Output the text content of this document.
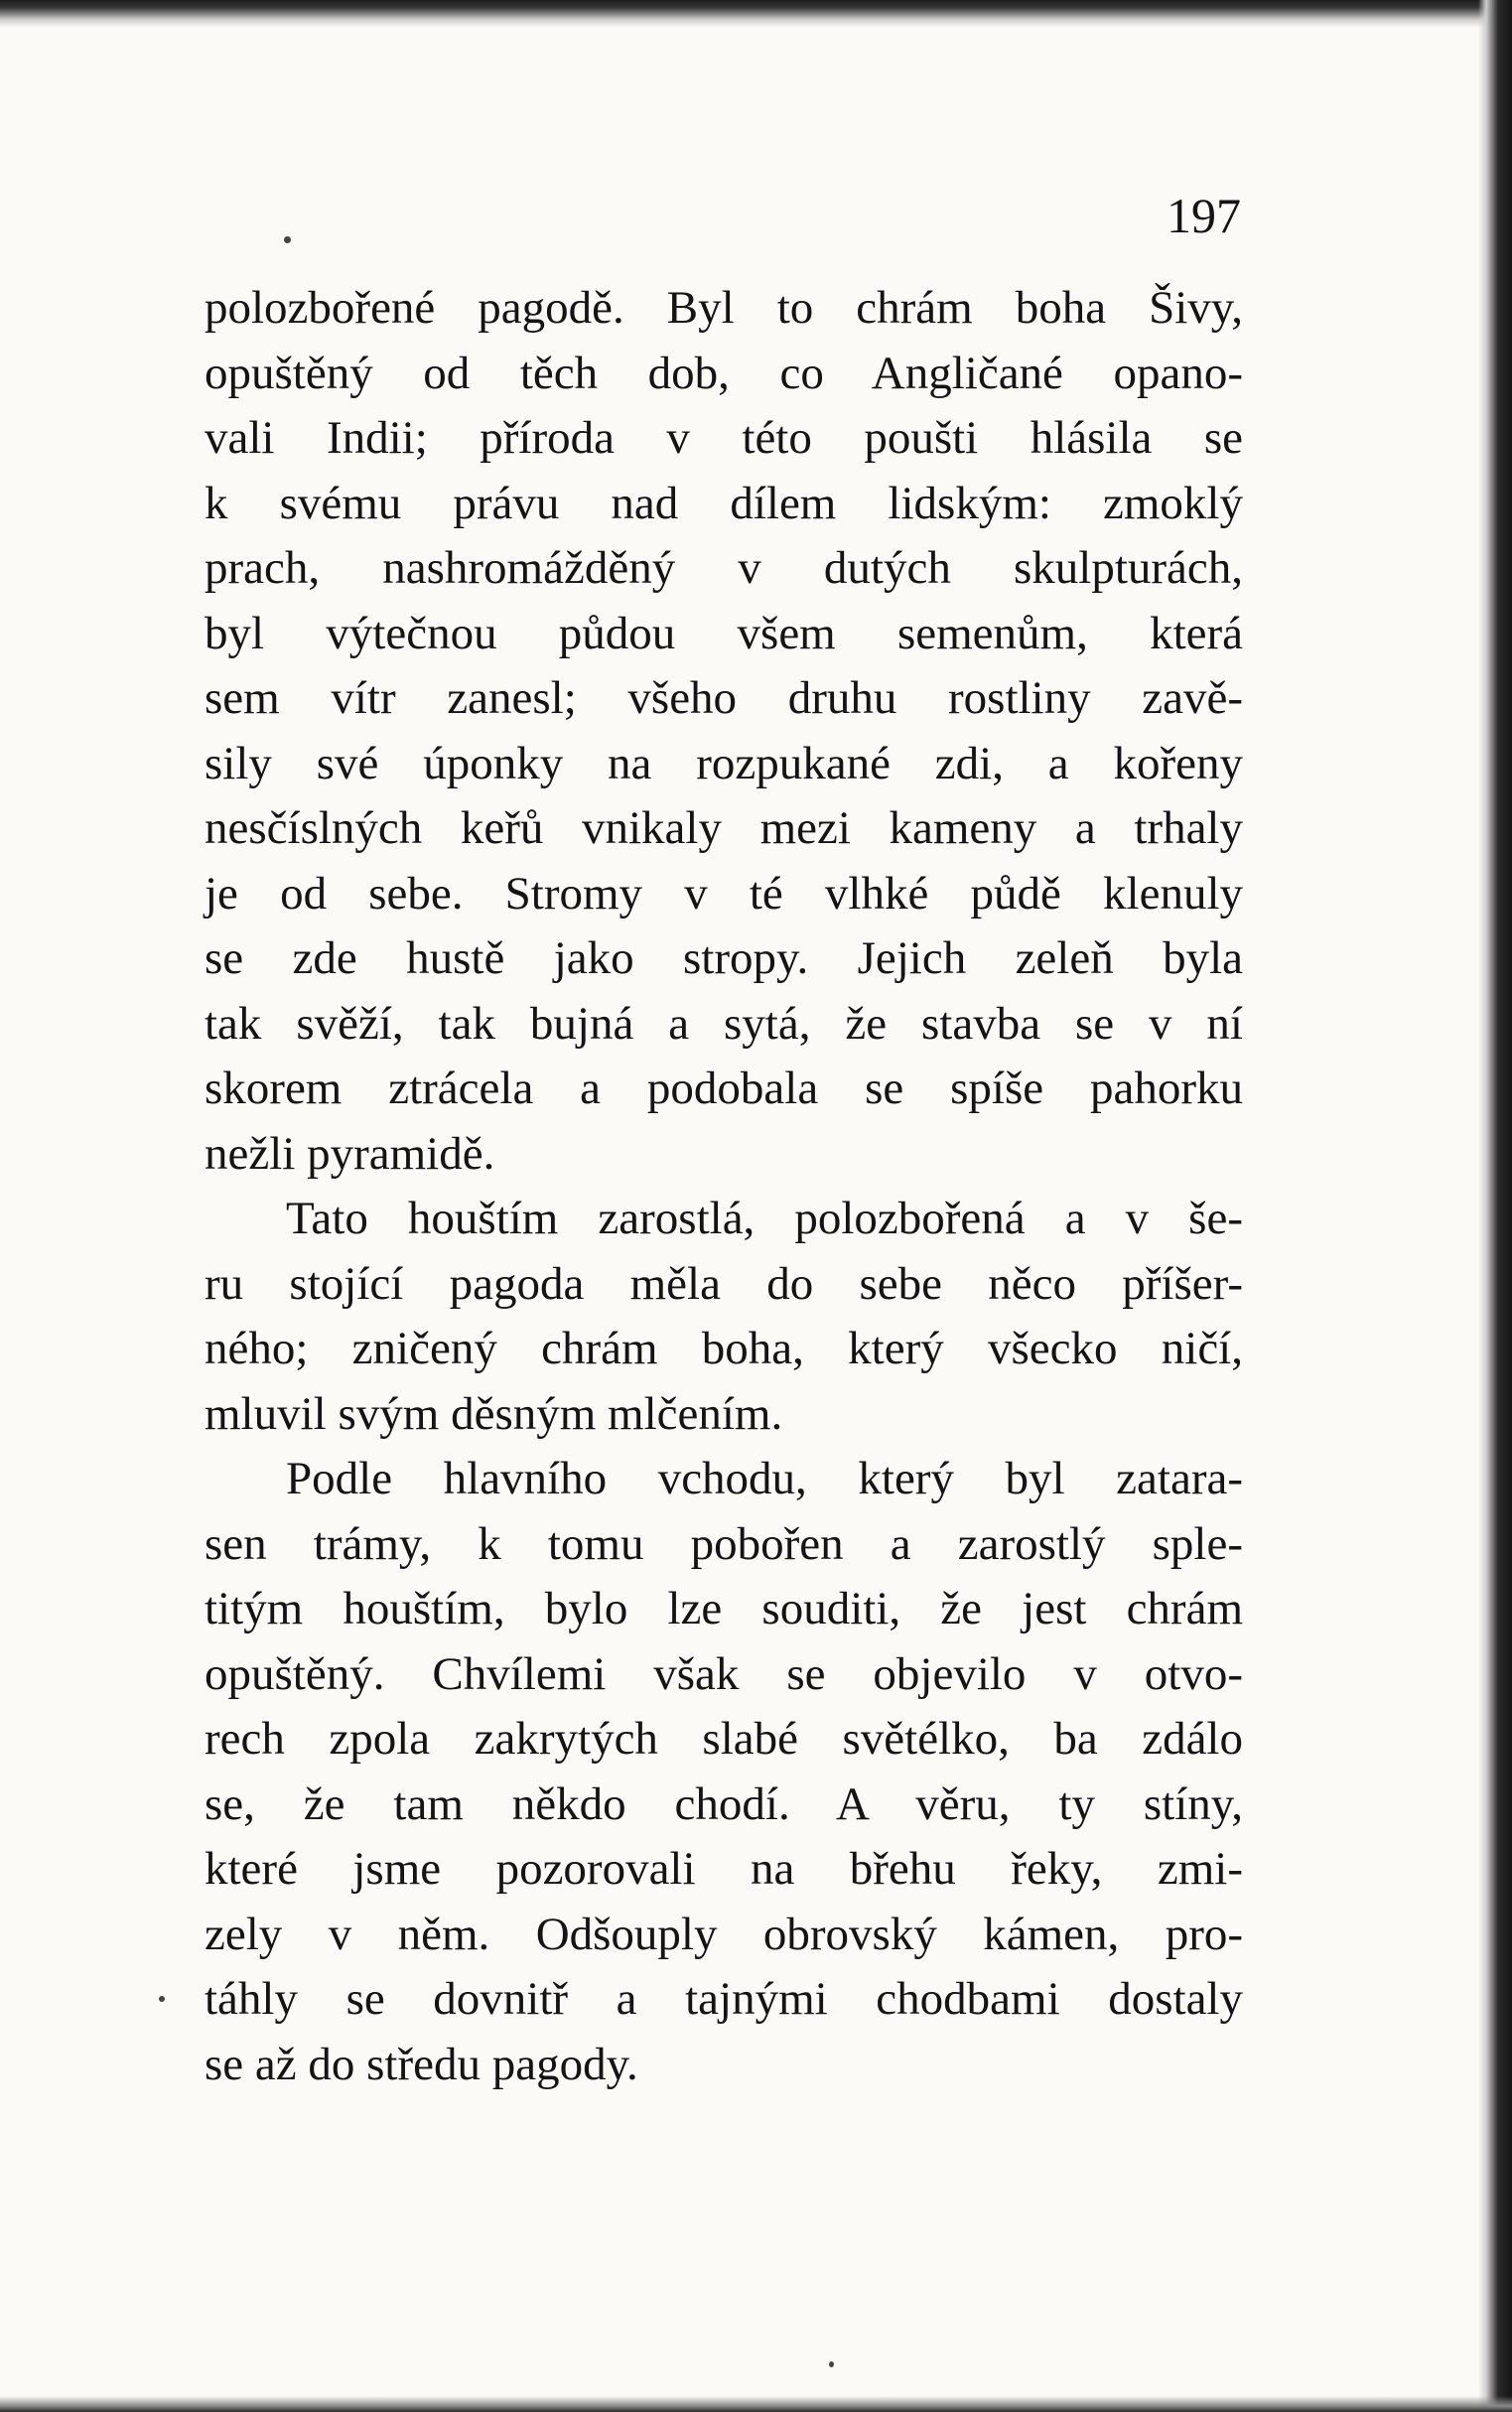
197
polozbořené pagodě. Byl to chrám boha Šivy,
opuštěný od těch dob, co Angličané opano-
vali Indii; příroda v této poušti hlásila se
k svému právu nad dílem lidským: zmoklý
prach, nashromážděný v dutých skulpturách,
byl výtečnou půdou všem semenům, která
sem vítr zanesl; všeho druhu rostliny zavě-
sily své úponky na rozpukané zdi, a kořeny
nesčíslných keřů vnikaly mezi kameny a trhaly
je od sebe. Stromy v té vlhké půdě klenuly
se zde hustě jako stropy. Jejich zeleň byla
tak svěží, tak bujná a sytá, že stavba se v ní
skorem ztrácela a podobala se spíše pahorku
nežli pyramidě.
Tato houštím zarostlá, polozbořená a v še-
ru stojící pagoda měla do sebe něco příšer-
ného; zničený chrám boha, který všecko ničí,
mluvil svým děsným mlčením.
Podle hlavního vchodu, který byl zatara-
sen trámy, k tomu pobořen a zarostlý sple-
titým houštím, bylo lze souditi, že jest chrám
opuštěný. Chvílemi však se objevilo v otvo-
rech zpola zakrytých slabé světélko, ba zdálo
se, že tam někdo chodí. A věru, ty stíny,
které jsme pozorovali na břehu řeky, zmi-
zely v něm. Odšouply obrovský kámen, pro-
táhly se dovnitř a tajnými chodbami dostaly
se až do středu pagody.
